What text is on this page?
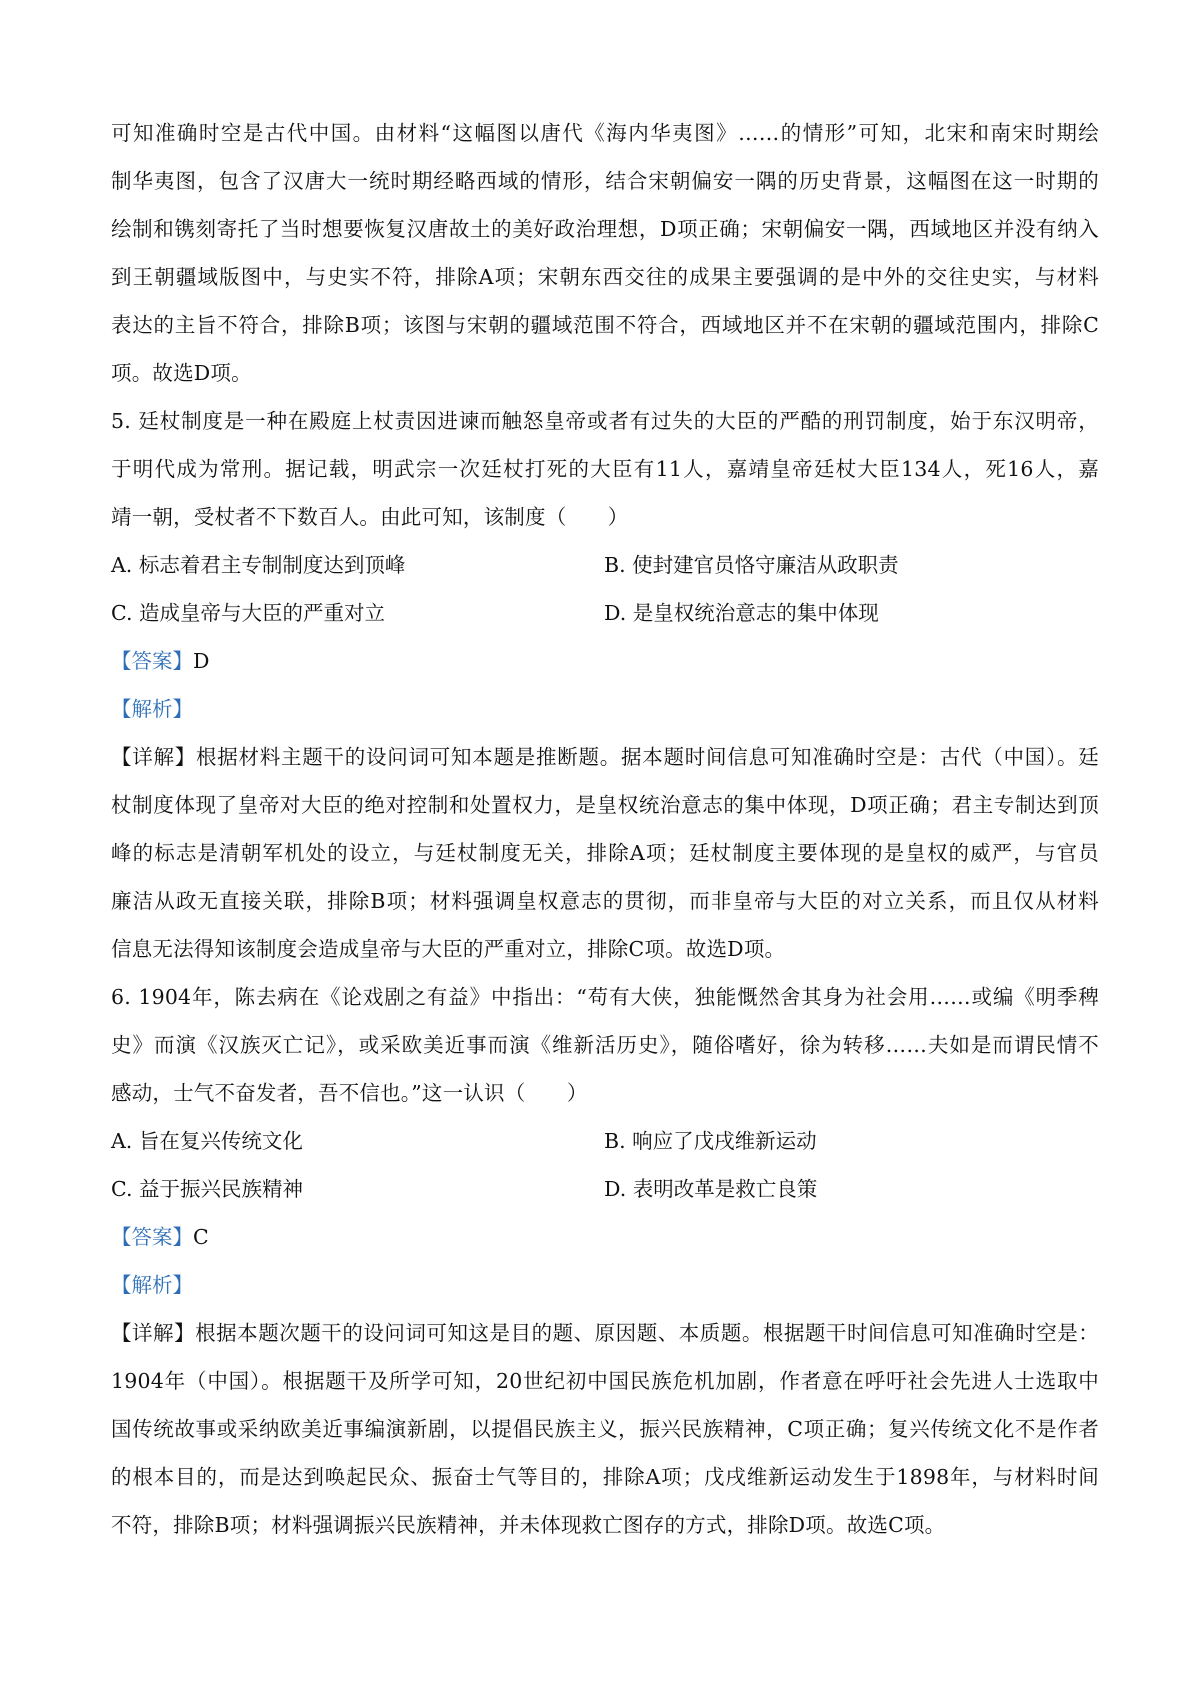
可知准确时空是古代中国。由材料“这幅图以唐代《海内华夷图》……的情形”可知，北宋和南宋时期绘
制华夷图，包含了汉唐大一统时期经略西域的情形，结合宋朝偏安一隅的历史背景，这幅图在这一时期的
绘制和镌刻寄托了当时想要恢复汉唐故土的美好政治理想，D项正确；宋朝偏安一隅，西域地区并没有纳入
到王朝疆域版图中，与史实不符，排除A项；宋朝东西交往的成果主要强调的是中外的交往史实，与材料
表达的主旨不符合，排除B项；该图与宋朝的疆域范围不符合，西域地区并不在宋朝的疆域范围内，排除C
项。故选D项。
5. 廷杖制度是一种在殿庭上杖责因进谏而触怒皇帝或者有过失的大臣的严酷的刑罚制度，始于东汉明帝，
于明代成为常刑。据记载，明武宗一次廷杖打死的大臣有11人，嘉靖皇帝廷杖大臣134人，死16人，嘉
靖一朝，受杖者不下数百人。由此可知，该制度（　　）
A. 标志着君主专制制度达到顶峰	B. 使封建官员恪守廉洁从政职责
C. 造成皇帝与大臣的严重对立	D. 是皇权统治意志的集中体现
【答案】D
【解析】
【详解】根据材料主题干的设问词可知本题是推断题。据本题时间信息可知准确时空是：古代（中国）。廷
杖制度体现了皇帝对大臣的绝对控制和处置权力，是皇权统治意志的集中体现，D项正确；君主专制达到顶
峰的标志是清朝军机处的设立，与廷杖制度无关，排除A项；廷杖制度主要体现的是皇权的威严，与官员
廉洁从政无直接关联，排除B项；材料强调皇权意志的贯彻，而非皇帝与大臣的对立关系，而且仅从材料
信息无法得知该制度会造成皇帝与大臣的严重对立，排除C项。故选D项。
6. 1904年，陈去病在《论戏剧之有益》中指出：“苟有大侠，独能慨然舍其身为社会用……或编《明季稗
史》而演《汉族灭亡记》，或采欧美近事而演《维新活历史》，随俗嗜好，徐为转移……夫如是而谓民情不
感动，士气不奋发者，吾不信也。”这一认识（　　）
A. 旨在复兴传统文化	B. 响应了戊戌维新运动
C. 益于振兴民族精神	D. 表明改革是救亡良策
【答案】C
【解析】
【详解】根据本题次题干的设问词可知这是目的题、原因题、本质题。根据题干时间信息可知准确时空是：
1904年（中国）。根据题干及所学可知，20世纪初中国民族危机加剧，作者意在呼吁社会先进人士选取中
国传统故事或采纳欧美近事编演新剧，以提倡民族主义，振兴民族精神，C项正确；复兴传统文化不是作者
的根本目的，而是达到唤起民众、振奋士气等目的，排除A项；戊戌维新运动发生于1898年，与材料时间
不符，排除B项；材料强调振兴民族精神，并未体现救亡图存的方式，排除D项。故选C项。
